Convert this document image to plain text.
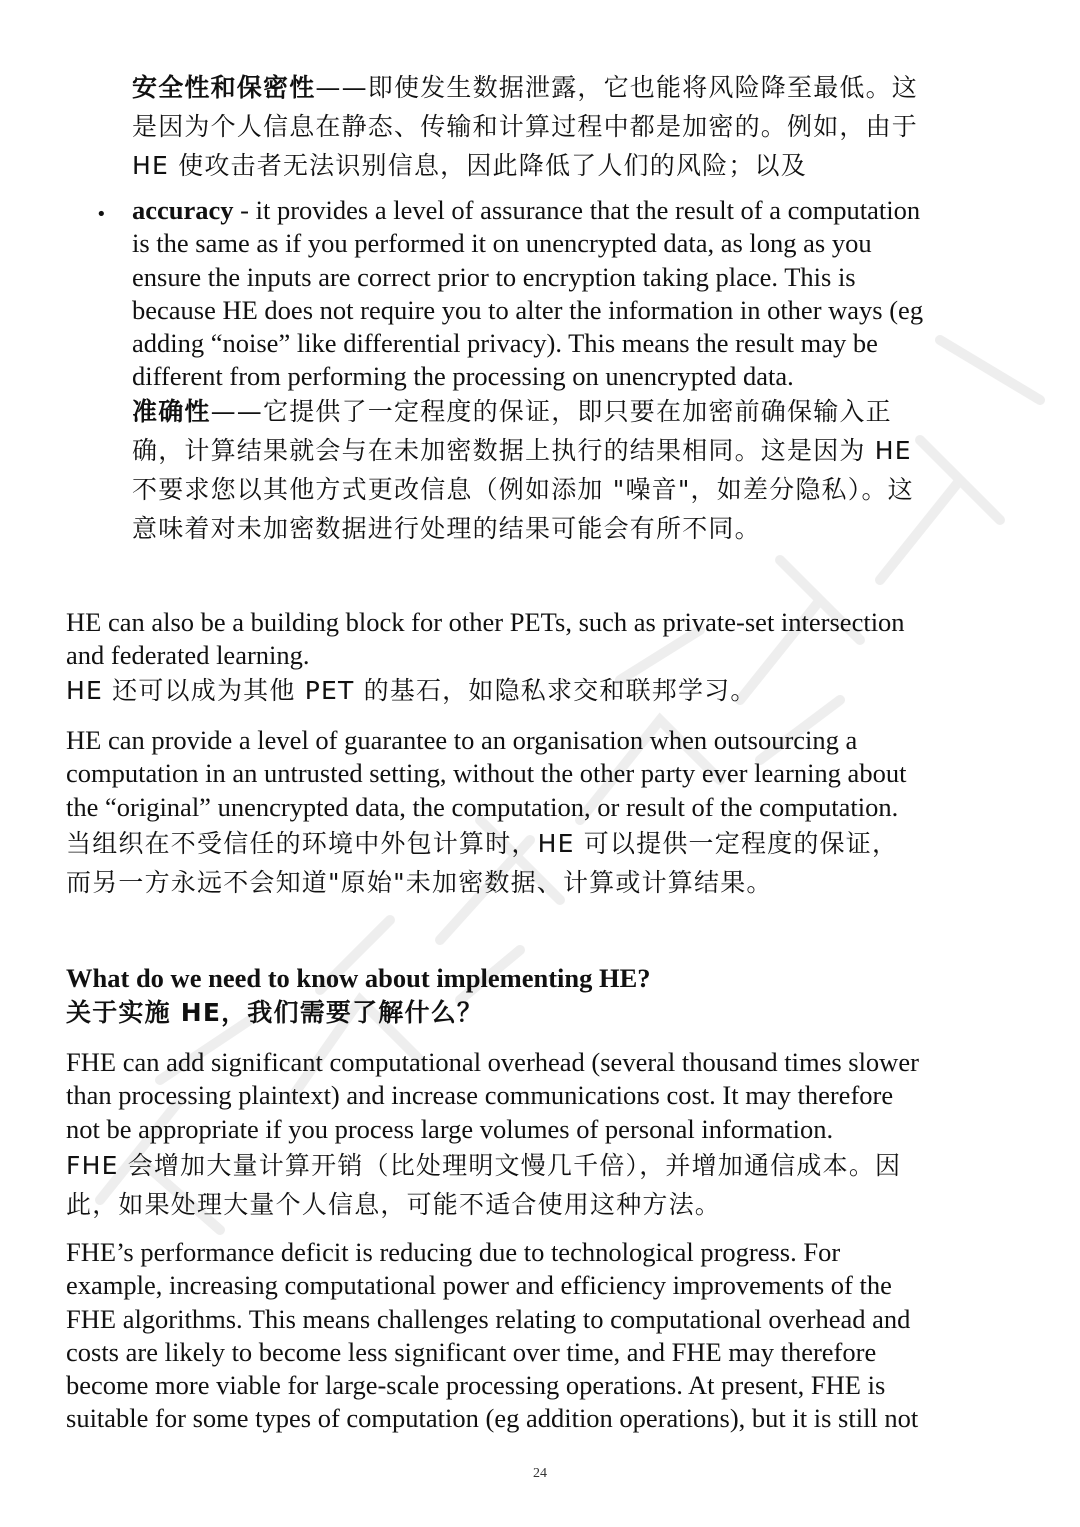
安全性和保密性——即使发生数据泄露，它也能将风险降至最低。这

是因为个人信息在静态、传输和计算过程中都是加密的。例如，由于

HE 使攻击者无法识别信息，因此降低了人们的风险；以及

• accuracy - it provides a level of assurance that the result of a computation

is the same as if you performed it on unencrypted data, as long as you

ensure the inputs are correct prior to encryption taking place. This is

because HE does not require you to alter the information in other ways (eg

adding “noise” like differential privacy). This means the result may be

different from performing the processing on unencrypted data.

准确性——它提供了一定程度的保证，即只要在加密前确保输入正

确，计算结果就会与在未加密数据上执行的结果相同。这是因为 HE

不要求您以其他方式更改信息（例如添加 "噪音"，如差分隐私）。这

意味着对未加密数据进行处理的结果可能会有所不同。

HE can also be a building block for other PETs, such as private-set intersection

and federated learning.

HE 还可以成为其他 PET 的基石，如隐私求交和联邦学习。

HE can provide a level of guarantee to an organisation when outsourcing a

computation in an untrusted setting, without the other party ever learning about

the “original” unencrypted data, the computation, or result of the computation.

当组织在不受信任的环境中外包计算时，HE 可以提供一定程度的保证，

而另一方永远不会知道"原始"未加密数据、计算或计算结果。

What do we need to know about implementing HE?
关于实施 HE，我们需要了解什么？

FHE can add significant computational overhead (several thousand times slower

than processing plaintext) and increase communications cost. It may therefore

not be appropriate if you process large volumes of personal information.

FHE 会增加大量计算开销（比处理明文慢几千倍），并增加通信成本。因

此，如果处理大量个人信息，可能不适合使用这种方法。

FHE’s performance deficit is reducing due to technological progress. For

example, increasing computational power and efficiency improvements of the

FHE algorithms. This means challenges relating to computational overhead and

costs are likely to become less significant over time, and FHE may therefore

become more viable for large-scale processing operations. At present, FHE is

suitable for some types of computation (eg addition operations), but it is still not

24
